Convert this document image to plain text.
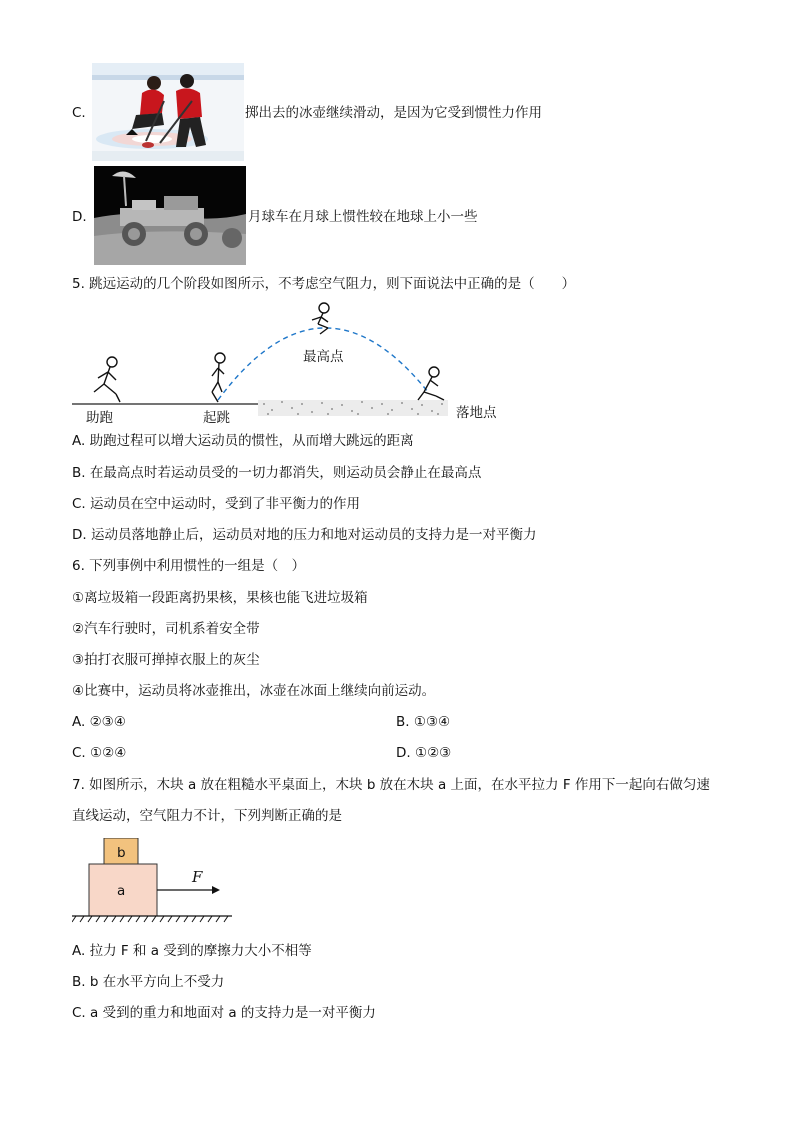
C.	掷出去的冰壶继续滑动，是因为它受到惯性力作用
D.	月球车在月球上惯性较在地球上小一些
5. 跳远运动的几个阶段如图所示，不考虑空气阻力，则下面说法中正确的是（　　）
助跑	起跳
最高点
落地点
A. 助跑过程可以增大运动员的惯性，从而增大跳远的距离
B. 在最高点时若运动员受的一切力都消失，则运动员会静止在最高点
C. 运动员在空中运动时，受到了非平衡力的作用
D. 运动员落地静止后，运动员对地的压力和地对运动员的支持力是一对平衡力
6. 下列事例中利用惯性的一组是（　）
①离垃圾箱一段距离扔果核，果核也能飞进垃圾箱
②汽车行驶时，司机系着安全带
③拍打衣服可掸掉衣服上的灰尘
④比赛中，运动员将冰壶推出，冰壶在冰面上继续向前运动。
A. ②③④	B. ①③④
C. ①②④	D. ①②③
7. 如图所示，木块 a 放在粗糙水平桌面上，木块 b 放在木块 a 上面，在水平拉力 F 作用下一起向右做匀速
直线运动，空气阻力不计，下列判断正确的是
b
a
F
A. 拉力 F 和 a 受到的摩擦力大小不相等
B. b 在水平方向上不受力
C. a 受到的重力和地面对 a 的支持力是一对平衡力
